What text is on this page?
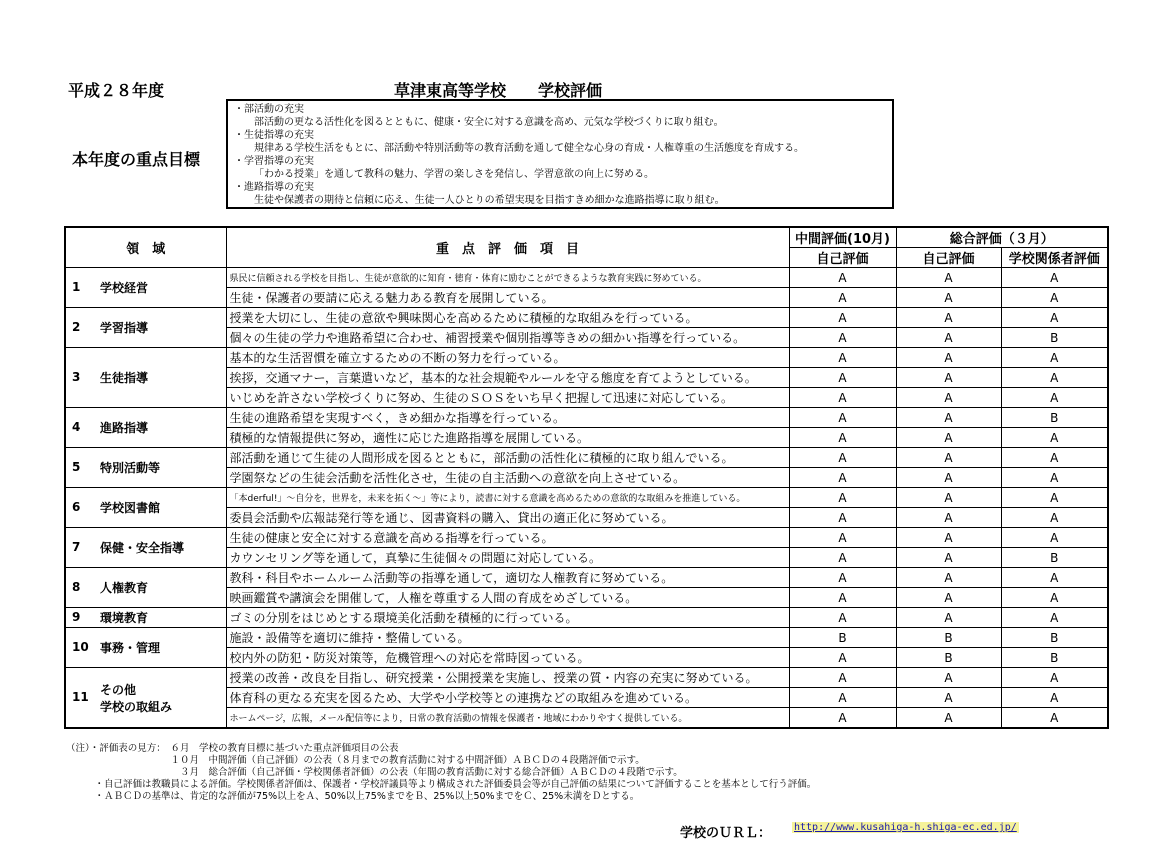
平成２８年度	草津東高等学校　　学校評価
本年度の重点目標
・部活動の充実
部活動の更なる活性化を図るとともに、健康・安全に対する意識を高め、元気な学校づくりに取り組む。
・生徒指導の充実
規律ある学校生活をもとに、部活動や特別活動等の教育活動を通して健全な心身の育成・人権尊重の生活態度を育成する。
・学習指導の充実
「わかる授業」を通して教科の魅力、学習の楽しさを発信し、学習意欲の向上に努める。
・進路指導の充実
生徒や保護者の期待と信頼に応え、生徒一人ひとりの希望実現を目指すきめ細かな進路指導に取り組む。
領　域	重　点　評　価　項　目	中間評価(10月)	総合評価（３月）	
		自己評価	自己評価	学校関係者評価
1 学校経営	県民に信頼される学校を目指し、生徒が意欲的に知育・徳育・体育に励むことができるような教育実践に努めている。	A	A	A
	生徒・保護者の要請に応える魅力ある教育を展開している。	A	A	A
2 学習指導	授業を大切にし、生徒の意欲や興味関心を高めるために積極的な取組みを行っている。	A	A	A
	個々の生徒の学力や進路希望に合わせ、補習授業や個別指導等きめの細かい指導を行っている。	A	A	B
3 生徒指導	基本的な生活習慣を確立するための不断の努力を行っている。	A	A	A
	挨拶，交通マナー，言葉遣いなど，基本的な社会規範やルールを守る態度を育てようとしている。	A	A	A
	いじめを許さない学校づくりに努め、生徒のＳＯＳをいち早く把握して迅速に対応している。	A	A	A
4 進路指導	生徒の進路希望を実現すべく，きめ細かな指導を行っている。	A	A	B
	積極的な情報提供に努め，適性に応じた進路指導を展開している。	A	A	A
5 特別活動等	部活動を通じて生徒の人間形成を図るとともに，部活動の活性化に積極的に取り組んでいる。	A	A	A
	学園祭などの生徒会活動を活性化させ，生徒の自主活動への意欲を向上させている。	A	A	A
6 学校図書館	「本derful!」～自分を，世界を，未来を拓く～」等により，読書に対する意識を高めるための意欲的な取組みを推進している。	A	A	A
	委員会活動や広報誌発行等を通じ、図書資料の購入、貸出の適正化に努めている。	A	A	A
7 保健・安全指導	生徒の健康と安全に対する意識を高める指導を行っている。	A	A	A
	カウンセリング等を通して，真摯に生徒個々の問題に対応している。	A	A	B
8 人権教育	教科・科目やホームルーム活動等の指導を通して，適切な人権教育に努めている。	A	A	A
	映画鑑賞や講演会を開催して，人権を尊重する人間の育成をめざしている。	A	A	A
9 環境教育	ゴミの分別をはじめとする環境美化活動を積極的に行っている。	A	A	A
10 事務・管理	施設・設備等を適切に維持・整備している。	B	B	B
	校内外の防犯・防災対策等，危機管理への対応を常時図っている。	A	B	B
11その他
学校の取組み	授業の改善・改良を目指し、研究授業・公開授業を実施し、授業の質・内容の充実に努めている。	A	A	A
	体育科の更なる充実を図るため、大学や小学校等との連携などの取組みを進めている。	A	A	A
	ホームページ，広報，メール配信等により，日常の教育活動の情報を保護者・地域にわかりやすく提供している。	A	A	A
（注）・評価表の見方：　６月　学校の教育目標に基づいた重点評価項目の公表
　　　　　　　　　　　１０月　中間評価（自己評価）の公表（８月までの教育活動に対する中間評価）ＡＢＣＤの４段階評価で示す。
　　　　　　　　　　　　３月　総合評価（自己評価・学校関係者評価）の公表（年間の教育活動に対する総合評価）ＡＢＣＤの４段階で示す。
　　　・自己評価は教職員による評価。学校関係者評価は、保護者・学校評議員等より構成された評価委員会等が自己評価の結果について評価することを基本として行う評価。
　　　・ＡＢＣＤの基準は、肯定的な評価が75%以上をＡ、50%以上75%までをＢ、25%以上50%までをＣ、25%未満をＤとする。
学校のＵＲＬ： http://www.kusahiga-h.shiga-ec.ed.jp/
